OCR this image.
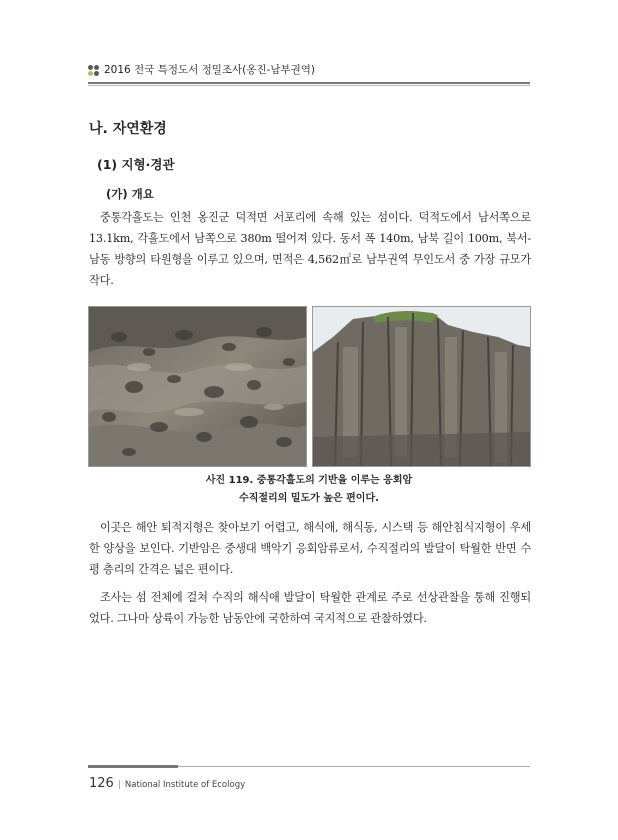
2016 전국 특정도서 정밀조사(옹진-남부권역)
나. 자연환경
(1) 지형·경관
(가) 개요
중통각흘도는 인천 옹진군 덕적면 서포리에 속해 있는 섬이다. 덕적도에서 남서쪽으로 13.1km, 각흘도에서 남쪽으로 380m 떨어져 있다. 동서 폭 140m, 남북 길이 100m, 북서-남동 방향의 타원형을 이루고 있으며, 면적은 4,562㎡로 남부권역 무인도서 중 가장 규모가 작다.
사진 119. 중통각흘도의 기반을 이루는 응회암
수직절리의 밀도가 높은 편이다.
이곳은 해안 퇴적지형은 찾아보기 어렵고, 해식애, 해식동, 시스택 등 해안침식지형이 우세한 양상을 보인다. 기반암은 중생대 백악기 응회암류로서, 수직절리의 발달이 탁월한 반면 수평 층리의 간격은 넓은 편이다.
조사는 섬 전체에 걸쳐 수직의 해식애 발달이 탁월한 관계로 주로 선상관찰을 통해 진행되었다. 그나마 상륙이 가능한 남동안에 국한하여 국지적으로 관찰하였다.
126 | National Institute of Ecology
